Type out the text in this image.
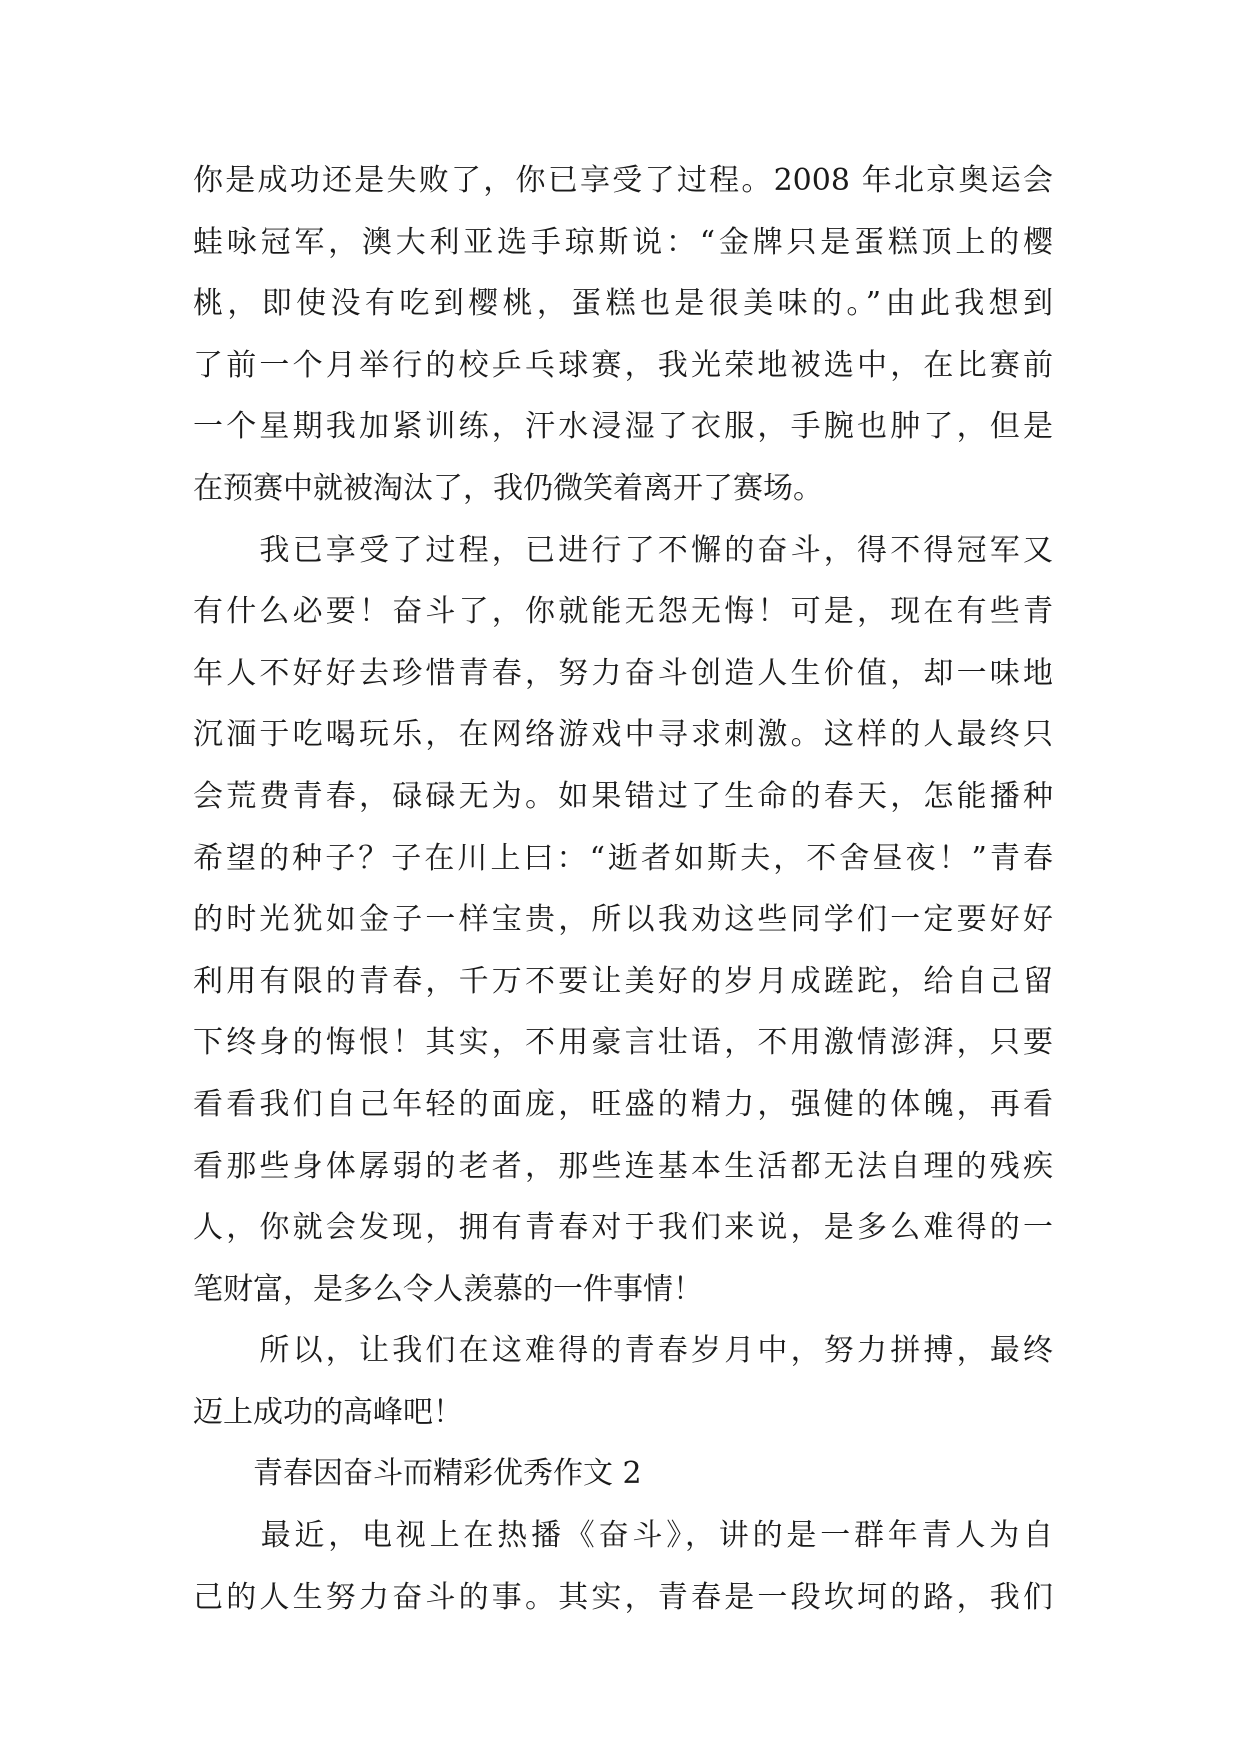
你是成功还是失败了，你已享受了过程。2008 年北京奥运会
蛙咏冠军，澳大利亚选手琼斯说：“金牌只是蛋糕顶上的樱
桃，即使没有吃到樱桃，蛋糕也是很美味的。”由此我想到
了前一个月举行的校乒乓球赛，我光荣地被选中，在比赛前
一个星期我加紧训练，汗水浸湿了衣服，手腕也肿了，但是
在预赛中就被淘汰了，我仍微笑着离开了赛场。
　　我已享受了过程，已进行了不懈的奋斗，得不得冠军又
有什么必要！奋斗了，你就能无怨无悔！可是，现在有些青
年人不好好去珍惜青春，努力奋斗创造人生价值，却一味地
沉湎于吃喝玩乐，在网络游戏中寻求刺激。这样的人最终只
会荒费青春，碌碌无为。如果错过了生命的春天，怎能播种
希望的种子？子在川上曰：“逝者如斯夫，不舍昼夜！”青春
的时光犹如金子一样宝贵，所以我劝这些同学们一定要好好
利用有限的青春，千万不要让美好的岁月成蹉跎，给自己留
下终身的悔恨！其实，不用豪言壮语，不用激情澎湃，只要
看看我们自己年轻的面庞，旺盛的精力，强健的体魄，再看
看那些身体孱弱的老者，那些连基本生活都无法自理的残疾
人，你就会发现，拥有青春对于我们来说，是多么难得的一
笔财富，是多么令人羡慕的一件事情！
　　所以，让我们在这难得的青春岁月中，努力拼搏，最终
迈上成功的高峰吧！
　　青春因奋斗而精彩优秀作文 2
　　最近，电视上在热播《奋斗》，讲的是一群年青人为自
己的人生努力奋斗的事。其实，青春是一段坎坷的路，我们
